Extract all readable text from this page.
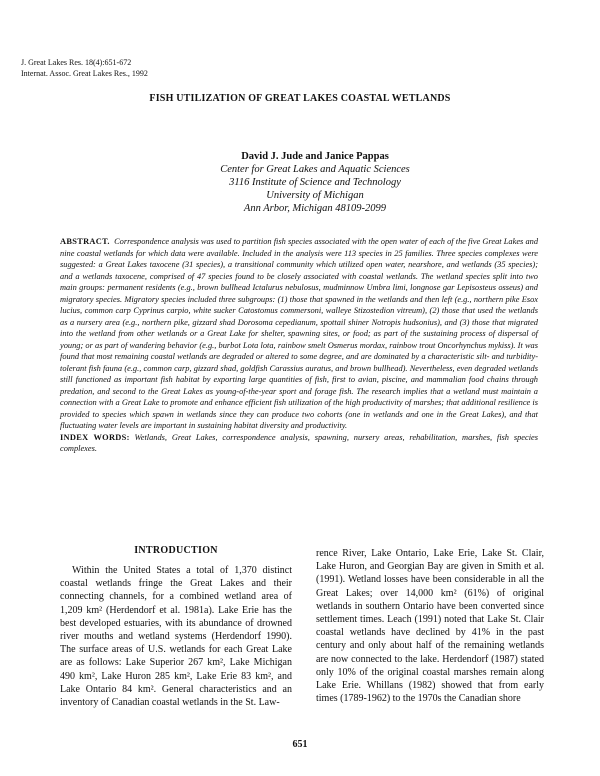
J. Great Lakes Res. 18(4):651-672
Internat. Assoc. Great Lakes Res., 1992
FISH UTILIZATION OF GREAT LAKES COASTAL WETLANDS
David J. Jude and Janice Pappas
Center for Great Lakes and Aquatic Sciences
3116 Institute of Science and Technology
University of Michigan
Ann Arbor, Michigan 48109-2099
ABSTRACT. Correspondence analysis was used to partition fish species associated with the open water of each of the five Great Lakes and nine coastal wetlands for which data were available. Included in the analysis were 113 species in 25 families. Three species complexes were suggested: a Great Lakes taxocene (31 species), a transitional community which utilized open water, nearshore, and wetlands (35 species); and a wetlands taxocene, comprised of 47 species found to be closely associated with coastal wetlands. The wetland species split into two main groups: permanent residents (e.g., brown bullhead Ictalurus nebulosus, mudminnow Umbra limi, longnose gar Lepisosteus osseus) and migratory species. Migratory species included three subgroups: (1) those that spawned in the wetlands and then left (e.g., northern pike Esox lucius, common carp Cyprinus carpio, white sucker Catostomus commersoni, walleye Stizostedion vitreum), (2) those that used the wetlands as a nursery area (e.g., northern pike, gizzard shad Dorosoma cepedianum, spottail shiner Notropis hudsonius), and (3) those that migrated into the wetland from other wetlands or a Great Lake for shelter, spawning sites, or food; as part of the sustaining process of dispersal of young; or as part of wandering behavior (e.g., burbot Lota lota, rainbow smelt Osmerus mordax, rainbow trout Oncorhynchus mykiss). It was found that most remaining coastal wetlands are degraded or altered to some degree, and are dominated by a characteristic silt- and turbidity-tolerant fish fauna (e.g., common carp, gizzard shad, goldfish Carassius auratus, and brown bullhead). Nevertheless, even degraded wetlands still functioned as important fish habitat by exporting large quantities of fish, first to avian, piscine, and mammalian food chains through predation, and second to the Great Lakes as young-of-the-year sport and forage fish. The research implies that a wetland must maintain a connection with a Great Lake to promote and enhance efficient fish utilization of the high productivity of marshes; that additional resilience is provided to species which spawn in wetlands since they can produce two cohorts (one in wetlands and one in the Great Lakes), and that fluctuating water levels are important in sustaining habitat diversity and productivity.
INDEX WORDS: Wetlands, Great Lakes, correspondence analysis, spawning, nursery areas, rehabilitation, marshes, fish species complexes.
INTRODUCTION

Within the United States a total of 1,370 distinct coastal wetlands fringe the Great Lakes and their connecting channels, for a combined wetland area of 1,209 km² (Herdendorf et al. 1981a). Lake Erie has the best developed estuaries, with its abundance of drowned river mouths and wetland systems (Herdendorf 1990). The surface areas of U.S. wetlands for each Great Lake are as follows: Lake Superior 267 km², Lake Michigan 490 km², Lake Huron 285 km², Lake Erie 83 km², and Lake Ontario 84 km². General characteristics and an inventory of Canadian coastal wetlands in the St. Law-

rence River, Lake Ontario, Lake Erie, Lake St. Clair, Lake Huron, and Georgian Bay are given in Smith et al. (1991). Wetland losses have been considerable in all the Great Lakes; over 14,000 km² (61%) of original wetlands in southern Ontario have been converted since settlement times. Leach (1991) noted that Lake St. Clair coastal wetlands have declined by 41% in the past century and only about half of the remaining wetlands are now connected to the lake. Herdendorf (1987) stated only 10% of the original coastal marshes remain along Lake Erie. Whillans (1982) showed that from early times (1789-1962) to the 1970s the Canadian shore

651
